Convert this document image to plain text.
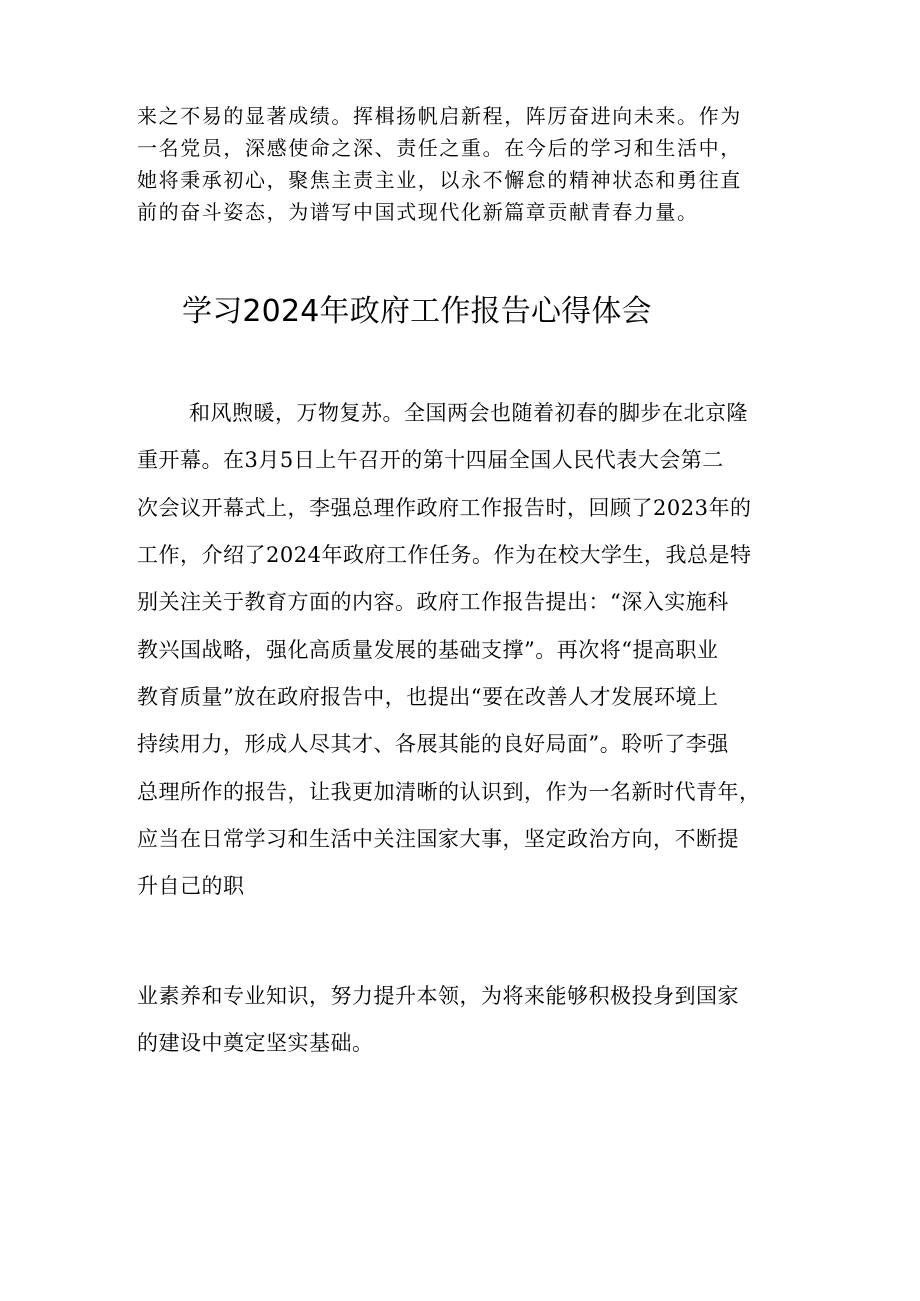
来之不易的显著成绩。挥楫扬帆启新程，阵厉奋进向未来。作为
一名党员，深感使命之深、责任之重。在今后的学习和生活中，
她将秉承初心，聚焦主责主业，以永不懈怠的精神状态和勇往直
前的奋斗姿态，为谱写中国式现代化新篇章贡献青春力量。
学习2024年政府工作报告心得体会
和风煦暖，万物复苏。全国两会也随着初春的脚步在北京隆
重开幕。在3月5日上午召开的第十四届全国人民代表大会第二
次会议开幕式上，李强总理作政府工作报告时，回顾了2023年的
工作，介绍了2024年政府工作任务。作为在校大学生，我总是特
别关注关于教育方面的内容。政府工作报告提出：“深入实施科
教兴国战略，强化高质量发展的基础支撑”。再次将“提高职业
教育质量”放在政府报告中，也提出“要在改善人才发展环境上
持续用力，形成人尽其才、各展其能的良好局面”。聆听了李强
总理所作的报告，让我更加清晰的认识到，作为一名新时代青年，
应当在日常学习和生活中关注国家大事，坚定政治方向，不断提
升自己的职
业素养和专业知识，努力提升本领，为将来能够积极投身到国家
的建设中奠定坚实基础。
